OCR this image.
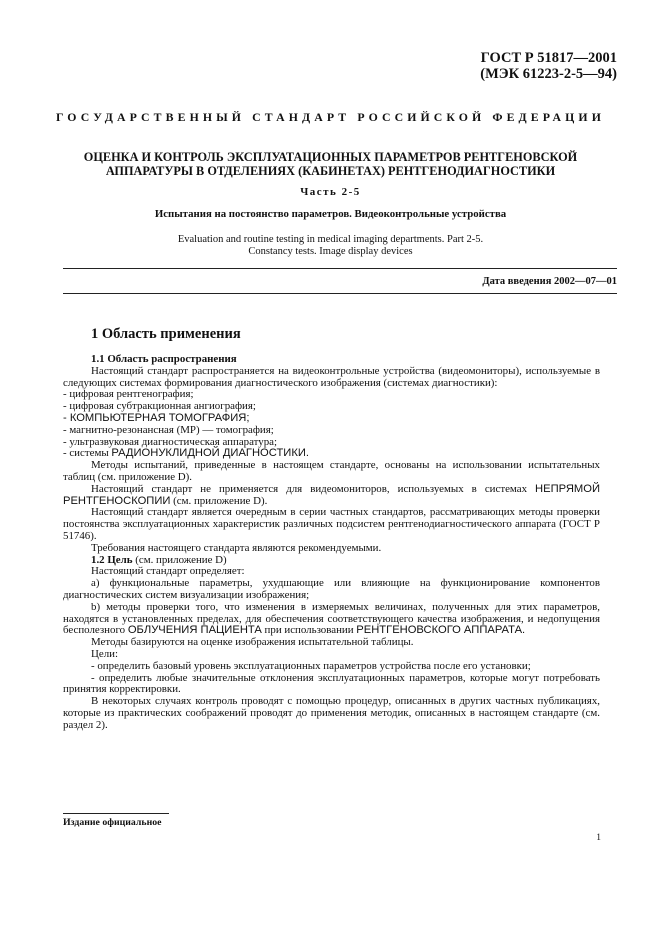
ГОСТ Р 51817—2001
(МЭК 61223-2-5—94)
ГОСУДАРСТВЕННЫЙ СТАНДАРТ РОССИЙСКОЙ ФЕДЕРАЦИИ
ОЦЕНКА И КОНТРОЛЬ ЭКСПЛУАТАЦИОННЫХ ПАРАМЕТРОВ РЕНТГЕНОВСКОЙ
АППАРАТУРЫ В ОТДЕЛЕНИЯХ (КАБИНЕТАХ) РЕНТГЕНОДИАГНОСТИКИ
Часть 2-5
Испытания на постоянство параметров. Видеоконтрольные устройства
Evaluation and routine testing in medical imaging departments. Part 2-5.
Constancy tests. Image display devices
Дата введения 2002—07—01
1 Область применения

1.1 Область распространения

Настоящий стандарт распространяется на видеоконтрольные устройства (видеомониторы), используемые в следующих системах формирования диагностического изображения (системах диагностики):

- цифровая рентгенография;

- цифровая субтракционная ангиография;

- КОМПЬЮТЕРНАЯ ТОМОГРАФИЯ;

- магнитно-резонансная (МР) — томография;

- ультразвуковая диагностическая аппаратура;

- системы РАДИОНУКЛИДНОЙ ДИАГНОСТИКИ.

Методы испытаний, приведенные в настоящем стандарте, основаны на использовании испытательных таблиц (см. приложение D).

Настоящий стандарт не применяется для видеомониторов, используемых в системах НЕПРЯМОЙ РЕНТГЕНОСКОПИИ (см. приложение D).

Настоящий стандарт является очередным в серии частных стандартов, рассматривающих методы проверки постоянства эксплуатационных характеристик различных подсистем рентгенодиагностического аппарата (ГОСТ Р 51746).

Требования настоящего стандарта являются рекомендуемыми.

1.2 Цель (см. приложение D)

Настоящий стандарт определяет:

а) функциональные параметры, ухудшающие или влияющие на функционирование компонентов диагностических систем визуализации изображения;

b) методы проверки того, что изменения в измеряемых величинах, полученных для этих параметров, находятся в установленных пределах, для обеспечения соответствующего качества изображения, и недопущения бесполезного ОБЛУЧЕНИЯ ПАЦИЕНТА при использовании РЕНТГЕНОВСКОГО АППАРАТА.

Методы базируются на оценке изображения испытательной таблицы.

Цели:

- определить базовый уровень эксплуатационных параметров устройства после его установки;

- определить любые значительные отклонения эксплуатационных параметров, которые могут потребовать принятия корректировки.

В некоторых случаях контроль проводят с помощью процедур, описанных в других частных публикациях, которые из практических соображений проводят до применения методик, описанных в настоящем стандарте (см. раздел 2).

Издание официальное
1
